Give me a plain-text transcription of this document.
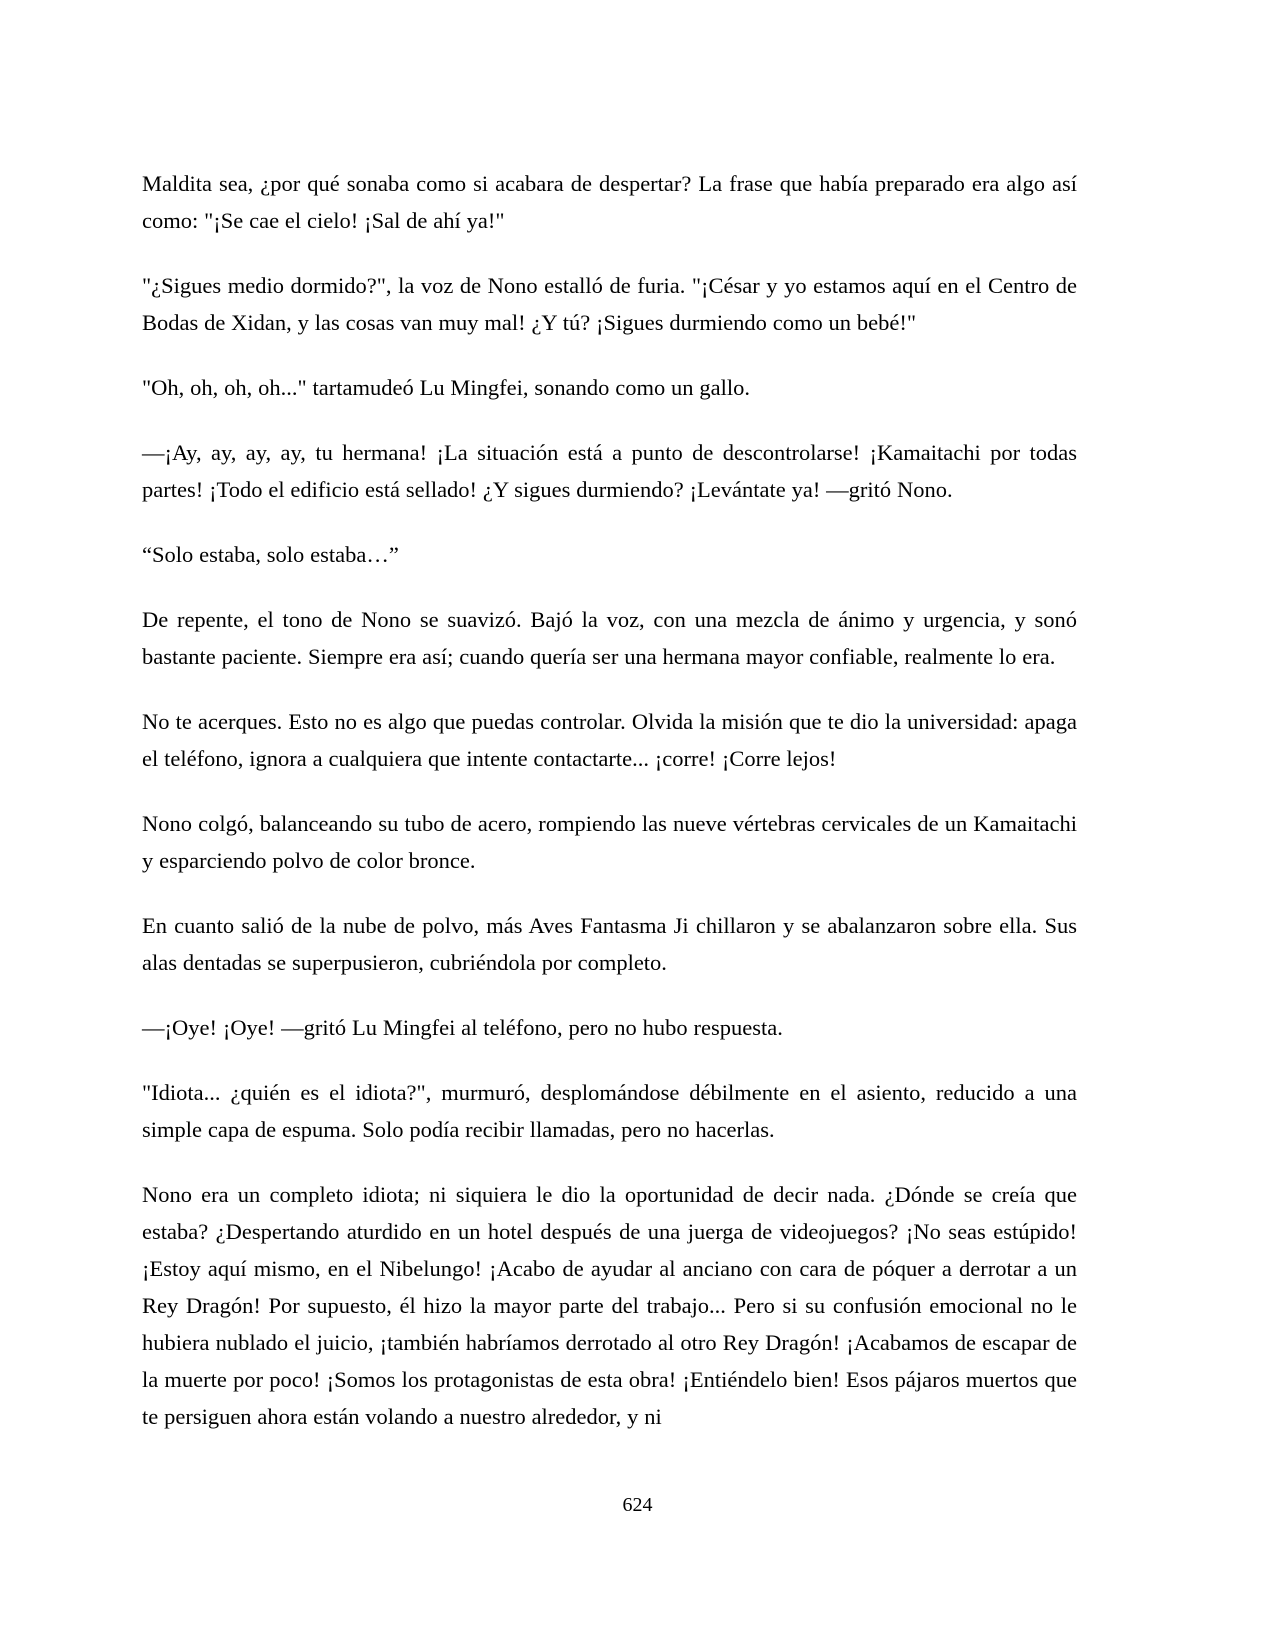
Maldita sea, ¿por qué sonaba como si acabara de despertar? La frase que había preparado era algo así como: "¡Se cae el cielo! ¡Sal de ahí ya!"

"¿Sigues medio dormido?", la voz de Nono estalló de furia. "¡César y yo estamos aquí en el Centro de Bodas de Xidan, y las cosas van muy mal! ¿Y tú? ¡Sigues durmiendo como un bebé!"

"Oh, oh, oh, oh..." tartamudeó Lu Mingfei, sonando como un gallo.

—¡Ay, ay, ay, ay, tu hermana! ¡La situación está a punto de descontrolarse! ¡Kamaitachi por todas partes! ¡Todo el edificio está sellado! ¿Y sigues durmiendo? ¡Levántate ya! —gritó Nono.

“Solo estaba, solo estaba…”

De repente, el tono de Nono se suavizó. Bajó la voz, con una mezcla de ánimo y urgencia, y sonó bastante paciente. Siempre era así; cuando quería ser una hermana mayor confiable, realmente lo era.

No te acerques. Esto no es algo que puedas controlar. Olvida la misión que te dio la universidad: apaga el teléfono, ignora a cualquiera que intente contactarte... ¡corre! ¡Corre lejos!

Nono colgó, balanceando su tubo de acero, rompiendo las nueve vértebras cervicales de un Kamaitachi y esparciendo polvo de color bronce.

En cuanto salió de la nube de polvo, más Aves Fantasma Ji chillaron y se abalanzaron sobre ella. Sus alas dentadas se superpusieron, cubriéndola por completo.

—¡Oye! ¡Oye! —gritó Lu Mingfei al teléfono, pero no hubo respuesta.

"Idiota... ¿quién es el idiota?", murmuró, desplomándose débilmente en el asiento, reducido a una simple capa de espuma. Solo podía recibir llamadas, pero no hacerlas.

Nono era un completo idiota; ni siquiera le dio la oportunidad de decir nada. ¿Dónde se creía que estaba? ¿Despertando aturdido en un hotel después de una juerga de videojuegos? ¡No seas estúpido! ¡Estoy aquí mismo, en el Nibelungo! ¡Acabo de ayudar al anciano con cara de póquer a derrotar a un Rey Dragón! Por supuesto, él hizo la mayor parte del trabajo... Pero si su confusión emocional no le hubiera nublado el juicio, ¡también habríamos derrotado al otro Rey Dragón! ¡Acabamos de escapar de la muerte por poco! ¡Somos los protagonistas de esta obra! ¡Entiéndelo bien! Esos pájaros muertos que te persiguen ahora están volando a nuestro alrededor, y ni

624
